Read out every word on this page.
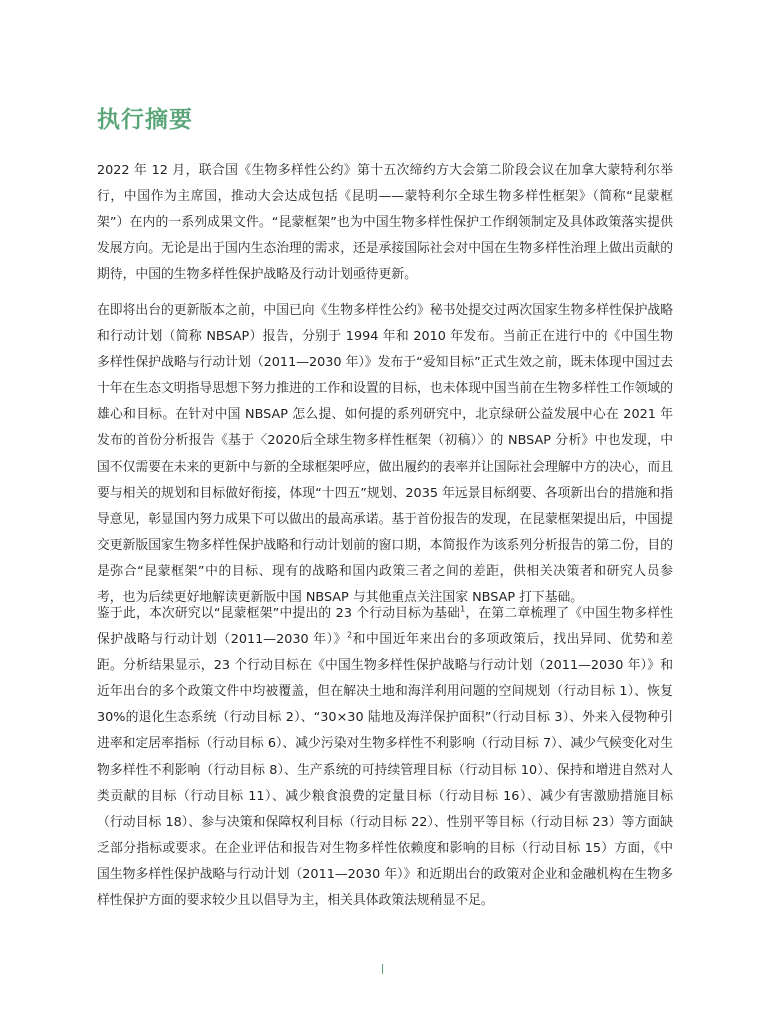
执行摘要

2022 年 12 月，联合国《生物多样性公约》第十五次缔约方大会第二阶段会议在加拿大蒙特利尔举行，中国作为主席国，推动大会达成包括《昆明——蒙特利尔全球生物多样性框架》（简称“昆蒙框架”）在内的一系列成果文件。“昆蒙框架”也为中国生物多样性保护工作纲领制定及具体政策落实提供发展方向。无论是出于国内生态治理的需求，还是承接国际社会对中国在生物多样性治理上做出贡献的期待，中国的生物多样性保护战略及行动计划亟待更新。

在即将出台的更新版本之前，中国已向《生物多样性公约》秘书处提交过两次国家生物多样性保护战略和行动计划（简称 NBSAP）报告，分别于 1994 年和 2010 年发布。当前正在进行中的《中国生物多样性保护战略与行动计划（2011—2030 年）》发布于“爱知目标”正式生效之前，既未体现中国过去十年在生态文明指导思想下努力推进的工作和设置的目标，也未体现中国当前在生物多样性工作领域的雄心和目标。在针对中国 NBSAP 怎么提、如何提的系列研究中，北京绿研公益发展中心在 2021 年发布的首份分析报告《基于〈2020后全球生物多样性框架（初稿）〉的 NBSAP 分析》中也发现，中国不仅需要在未来的更新中与新的全球框架呼应，做出履约的表率并让国际社会理解中方的决心，而且要与相关的规划和目标做好衔接，体现“十四五”规划、2035 年远景目标纲要、各项新出台的措施和指导意见，彰显国内努力成果下可以做出的最高承诺。基于首份报告的发现，在昆蒙框架提出后，中国提交更新版国家生物多样性保护战略和行动计划前的窗口期，本简报作为该系列分析报告的第二份，目的是弥合“昆蒙框架”中的目标、现有的战略和国内政策三者之间的差距，供相关决策者和研究人员参考，也为后续更好地解读更新版中国 NBSAP 与其他重点关注国家 NBSAP 打下基础。

鉴于此，本次研究以“昆蒙框架”中提出的 23 个行动目标为基础$^1$，在第二章梳理了《中国生物多样性保护战略与行动计划（2011—2030 年）》$^2$和中国近年来出台的多项政策后，找出异同、优势和差距。分析结果显示，23 个行动目标在《中国生物多样性保护战略与行动计划（2011—2030 年）》和近年出台的多个政策文件中均被覆盖，但在解决土地和海洋利用问题的空间规划（行动目标 1）、恢复 30%的退化生态系统（行动目标 2）、“30×30 陆地及海洋保护面积”（行动目标 3）、外来入侵物种引进率和定居率指标（行动目标 6）、减少污染对生物多样性不利影响（行动目标 7）、减少气候变化对生物多样性不利影响（行动目标 8）、生产系统的可持续管理目标（行动目标 10）、保持和增进自然对人类贡献的目标（行动目标 11）、减少粮食浪费的定量目标（行动目标 16）、减少有害激励措施目标（行动目标 18）、参与决策和保障权利目标（行动目标 22）、性别平等目标（行动目标 23）等方面缺乏部分指标或要求。在企业评估和报告对生物多样性依赖度和影响的目标（行动目标 15）方面，《中国生物多样性保护战略与行动计划（2011—2030 年）》和近期出台的政策对企业和金融机构在生物多样性保护方面的要求较少且以倡导为主，相关具体政策法规稍显不足。
